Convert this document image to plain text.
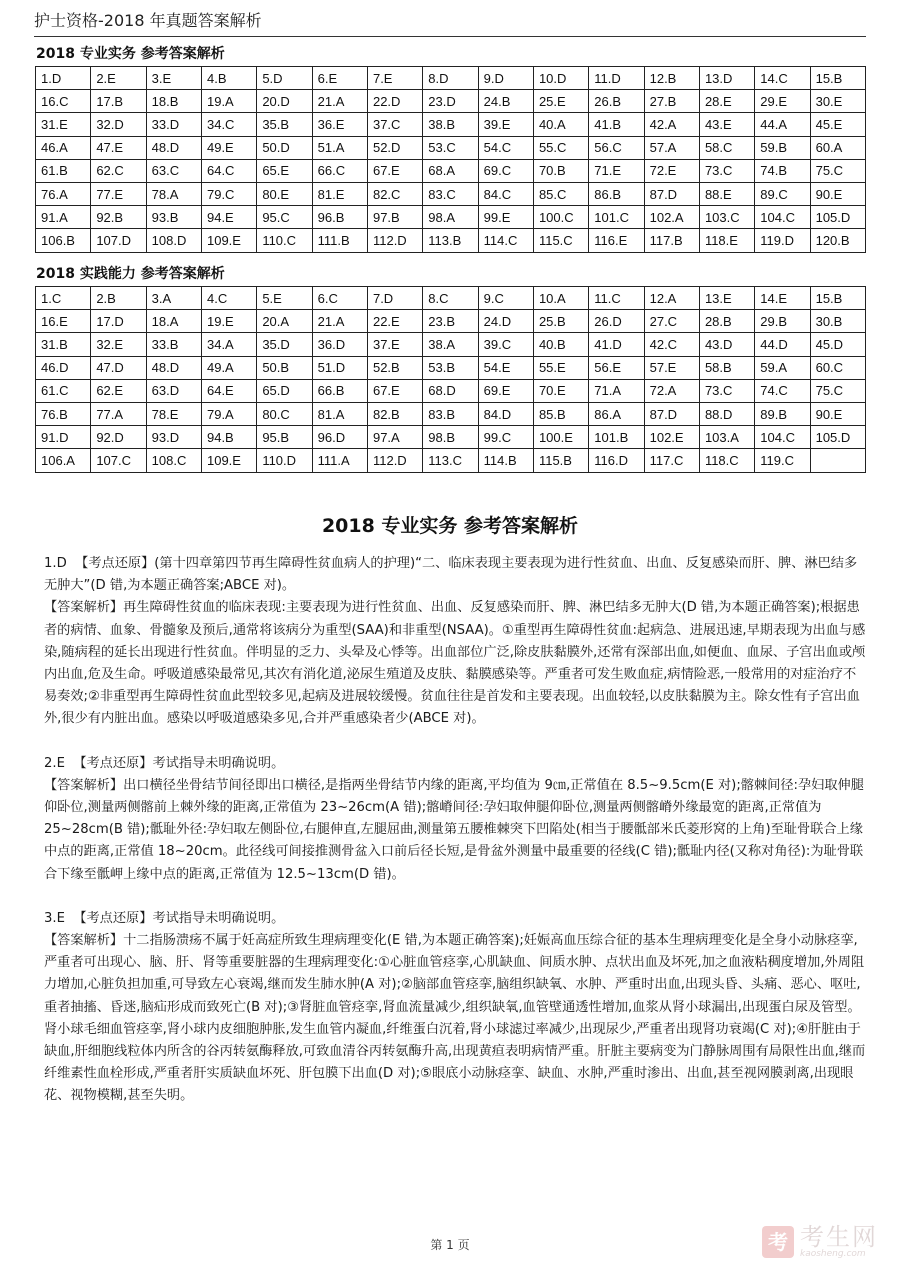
护士资格-2018 年真题答案解析
2018 专业实务 参考答案解析
1.D	2.E	3.E	4.B	5.D	6.E	7.E	8.D	9.D	10.D	11.D	12.B	13.D	14.C	15.B
16.C	17.B	18.B	19.A	20.D	21.A	22.D	23.D	24.B	25.E	26.B	27.B	28.E	29.E	30.E
31.E	32.D	33.D	34.C	35.B	36.E	37.C	38.B	39.E	40.A	41.B	42.A	43.E	44.A	45.E
46.A	47.E	48.D	49.E	50.D	51.A	52.D	53.C	54.C	55.C	56.C	57.A	58.C	59.B	60.A
61.B	62.C	63.C	64.C	65.E	66.C	67.E	68.A	69.C	70.B	71.E	72.E	73.C	74.B	75.C
76.A	77.E	78.A	79.C	80.E	81.E	82.C	83.C	84.C	85.C	86.B	87.D	88.E	89.C	90.E
91.A	92.B	93.B	94.E	95.C	96.B	97.B	98.A	99.E	100.C	101.C	102.A	103.C	104.C	105.D
106.B	107.D	108.D	109.E	110.C	111.B	112.D	113.B	114.C	115.C	116.E	117.B	118.E	119.D	120.B
2018 实践能力 参考答案解析
1.C	2.B	3.A	4.C	5.E	6.C	7.D	8.C	9.C	10.A	11.C	12.A	13.E	14.E	15.B
16.E	17.D	18.A	19.E	20.A	21.A	22.E	23.B	24.D	25.B	26.D	27.C	28.B	29.B	30.B
31.B	32.E	33.B	34.A	35.D	36.D	37.E	38.A	39.C	40.B	41.D	42.C	43.D	44.D	45.D
46.D	47.D	48.D	49.A	50.B	51.D	52.B	53.B	54.E	55.E	56.E	57.E	58.B	59.A	60.C
61.C	62.E	63.D	64.E	65.D	66.B	67.E	68.D	69.E	70.E	71.A	72.A	73.C	74.C	75.C
76.B	77.A	78.E	79.A	80.C	81.A	82.B	83.B	84.D	85.B	86.A	87.D	88.D	89.B	90.E
91.D	92.D	93.D	94.B	95.B	96.D	97.A	98.B	99.C	100.E	101.B	102.E	103.A	104.C	105.D
106.A	107.C	108.C	109.E	110.D	111.A	112.D	113.C	114.B	115.B	116.D	117.C	118.C	119.C	
2018 专业实务 参考答案解析

1.D 【考点还原】(第十四章第四节再生障碍性贫血病人的护理)“二、临床表现主要表现为进行性贫血、出血、反复感染而肝、脾、淋巴结多无肿大”(D 错,为本题正确答案;ABCE 对)。

【答案解析】再生障碍性贫血的临床表现:主要表现为进行性贫血、出血、反复感染而肝、脾、淋巴结多无肿大(D 错,为本题正确答案);根据患者的病情、血象、骨髓象及预后,通常将该病分为重型(SAA)和非重型(NSAA)。①重型再生障碍性贫血:起病急、进展迅速,早期表现为出血与感染,随病程的延长出现进行性贫血。伴明显的乏力、头晕及心悸等。出血部位广泛,除皮肤黏膜外,还常有深部出血,如便血、血尿、子宫出血或颅内出血,危及生命。呼吸道感染最常见,其次有消化道,泌尿生殖道及皮肤、黏膜感染等。严重者可发生败血症,病情险恶,一般常用的对症治疗不易奏效;②非重型再生障碍性贫血此型较多见,起病及进展较缓慢。贫血往往是首发和主要表现。出血较轻,以皮肤黏膜为主。除女性有子宫出血外,很少有内脏出血。感染以呼吸道感染多见,合并严重感染者少(ABCE 对)。

2.E 【考点还原】考试指导未明确说明。

【答案解析】出口横径坐骨结节间径即出口横径,是指两坐骨结节内缘的距离,平均值为 9㎝,正常值在 8.5~9.5cm(E 对);髂棘间径:孕妇取伸腿仰卧位,测量两侧髂前上棘外缘的距离,正常值为 23~26cm(A 错);髂嵴间径:孕妇取伸腿仰卧位,测量两侧髂嵴外缘最宽的距离,正常值为 25~28cm(B 错);骶耻外径:孕妇取左侧卧位,右腿伸直,左腿屈曲,测量第五腰椎棘突下凹陷处(相当于腰骶部米氏菱形窝的上角)至耻骨联合上缘中点的距离,正常值 18~20cm。此径线可间接推测骨盆入口前后径长短,是骨盆外测量中最重要的径线(C 错);骶耻内径(又称对角径):为耻骨联合下缘至骶岬上缘中点的距离,正常值为 12.5~13cm(D 错)。

3.E 【考点还原】考试指导未明确说明。

【答案解析】十二指肠溃疡不属于妊高症所致生理病理变化(E 错,为本题正确答案);妊娠高血压综合征的基本生理病理变化是全身小动脉痉挛,严重者可出现心、脑、肝、肾等重要脏器的生理病理变化:①心脏血管痉挛,心肌缺血、间质水肿、点状出血及坏死,加之血液粘稠度增加,外周阻力增加,心脏负担加重,可导致左心衰竭,继而发生肺水肿(A 对);②脑部血管痉挛,脑组织缺氧、水肿、严重时出血,出现头昏、头痛、恶心、呕吐,重者抽搐、昏迷,脑疝形成而致死亡(B 对);③肾脏血管痉挛,肾血流量减少,组织缺氧,血管壁通透性增加,血浆从肾小球漏出,出现蛋白尿及管型。肾小球毛细血管痉挛,肾小球内皮细胞肿胀,发生血管内凝血,纤维蛋白沉着,肾小球滤过率减少,出现尿少,严重者出现肾功衰竭(C 对);④肝脏由于缺血,肝细胞线粒体内所含的谷丙转氨酶释放,可致血清谷丙转氨酶升高,出现黄疸表明病情严重。肝脏主要病变为门静脉周围有局限性出血,继而纤维素性血栓形成,严重者肝实质缺血坏死、肝包膜下出血(D 对);⑤眼底小动脉痉挛、缺血、水肿,严重时渗出、出血,甚至视网膜剥离,出现眼花、视物模糊,甚至失明。

第 1 页	考 考生网
kaosheng.com
